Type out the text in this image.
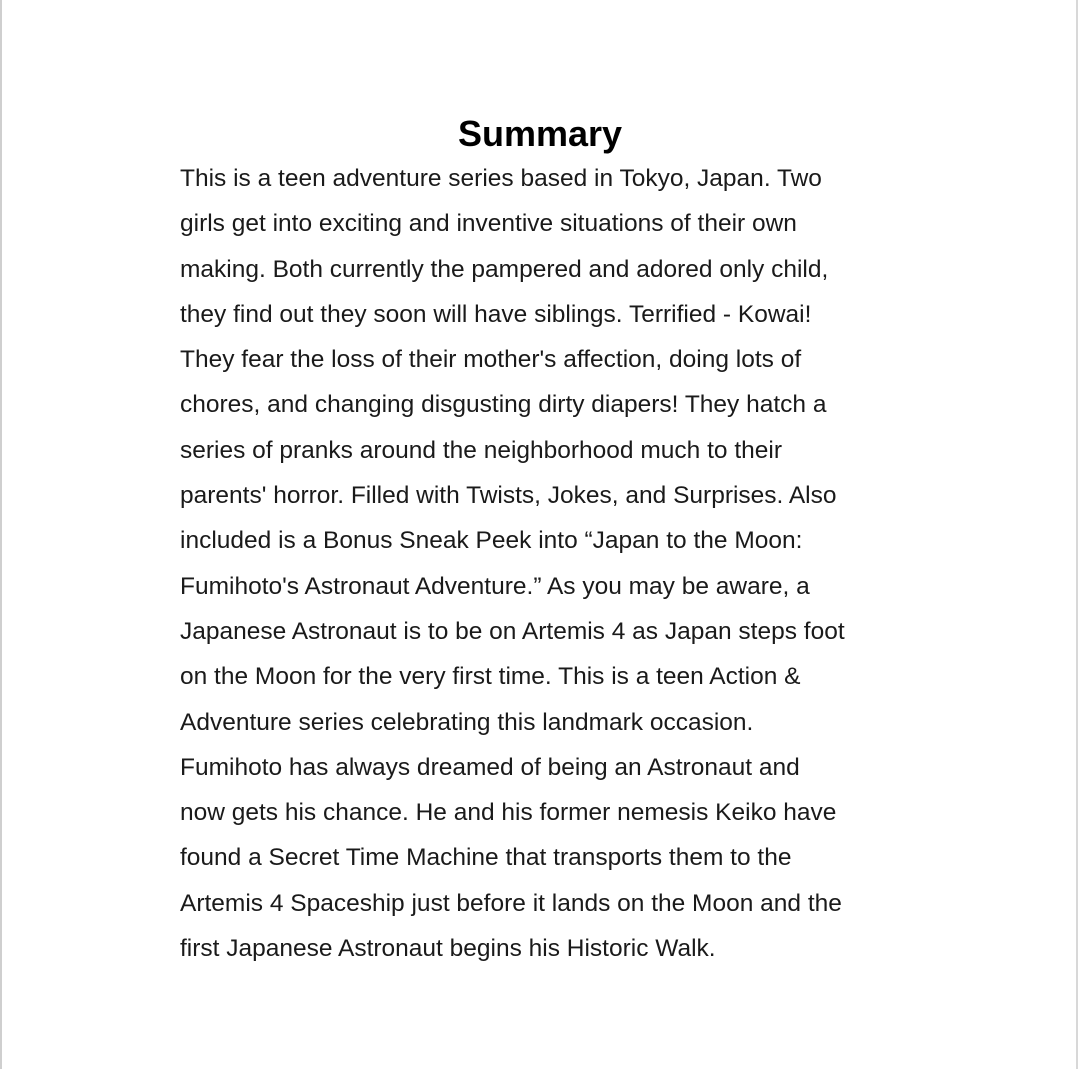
Summary
This is a teen adventure series based in Tokyo, Japan. Two
girls get into exciting and inventive situations of their own
making. Both currently the pampered and adored only child,
they find out they soon will have siblings. Terrified - Kowai!
They fear the loss of their mother's affection, doing lots of
chores, and changing disgusting dirty diapers! They hatch a
series of pranks around the neighborhood much to their
parents' horror. Filled with Twists, Jokes, and Surprises. Also
included is a Bonus Sneak Peek into “Japan to the Moon:
Fumihoto's Astronaut Adventure.” As you may be aware, a
Japanese Astronaut is to be on Artemis 4 as Japan steps foot
on the Moon for the very first time. This is a teen Action &
Adventure series celebrating this landmark occasion.
Fumihoto has always dreamed of being an Astronaut and
now gets his chance. He and his former nemesis Keiko have
found a Secret Time Machine that transports them to the
Artemis 4 Spaceship just before it lands on the Moon and the
first Japanese Astronaut begins his Historic Walk.
